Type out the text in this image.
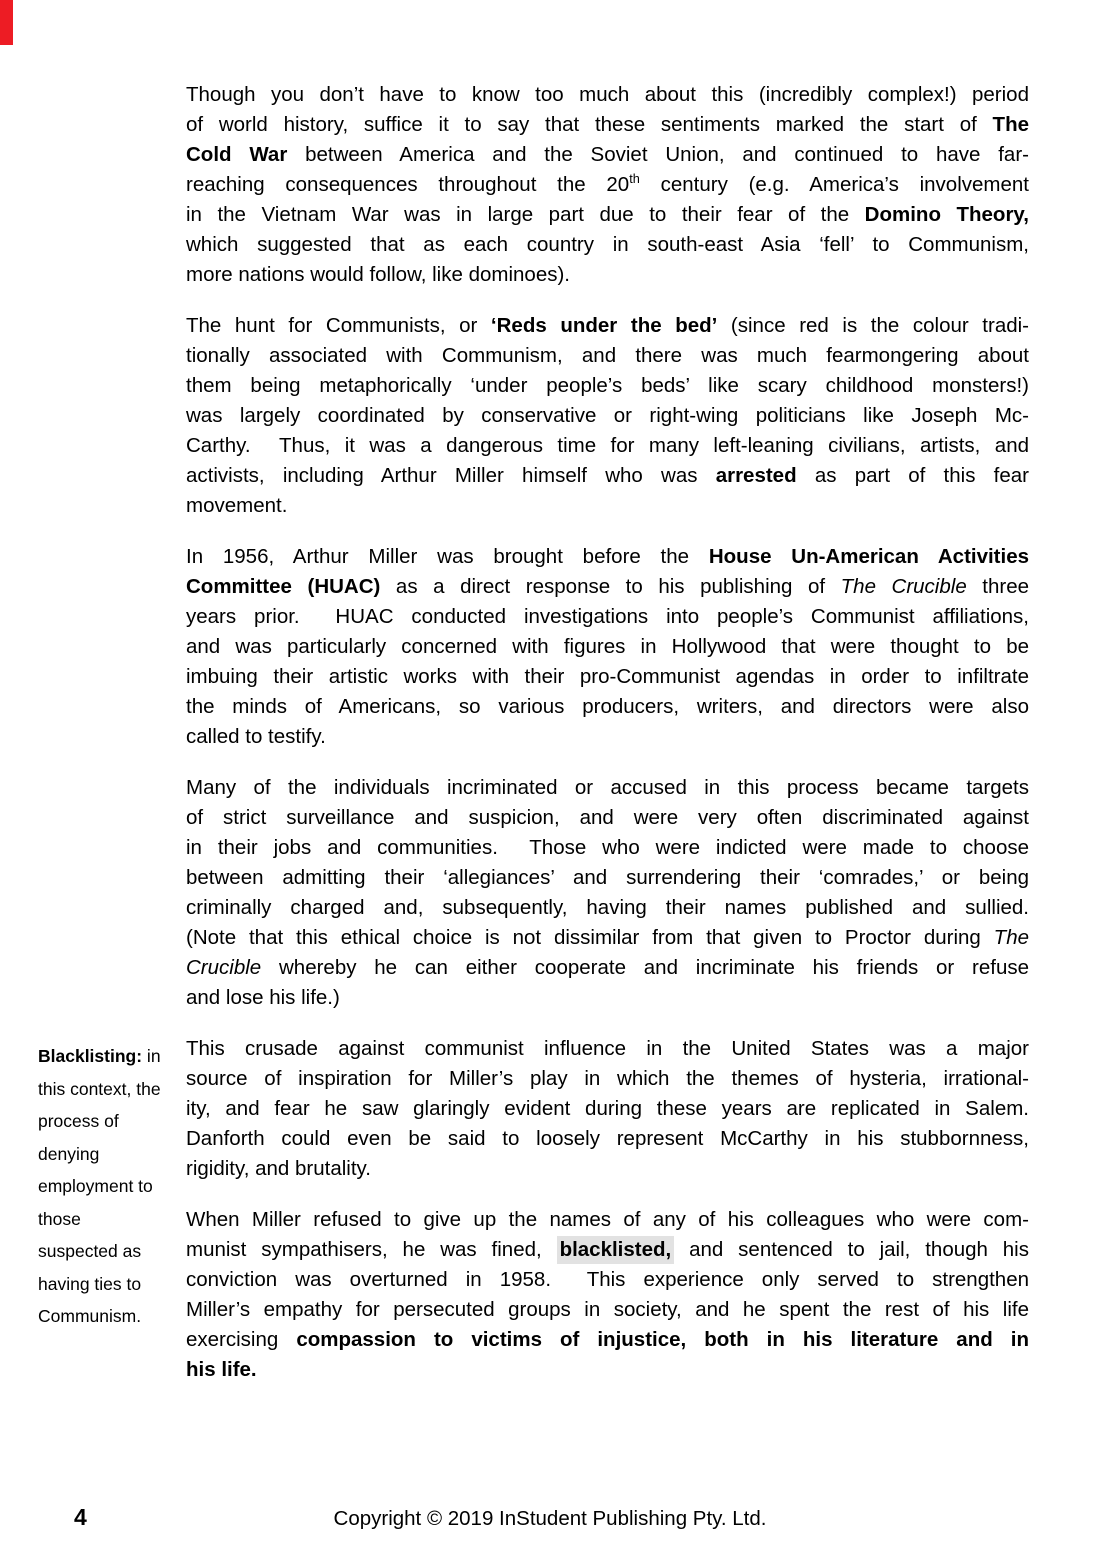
Blacklisting: in
this context, the
process of
denying
employment to
those
suspected as
having ties to
Communism.
Though you don’t have to know too much about this (incredibly complex!) period
of world history, suffice it to say that these sentiments marked the start of The
Cold War between America and the Soviet Union, and continued to have far-
reaching consequences throughout the 20th century (e.g. America’s involvement
in the Vietnam War was in large part due to their fear of the Domino Theory,
which suggested that as each country in south-east Asia ‘fell’ to Communism,
more nations would follow, like dominoes).
The hunt for Communists, or ‘Reds under the bed’ (since red is the colour tradi-
tionally associated with Communism, and there was much fearmongering about
them being metaphorically ‘under people’s beds’ like scary childhood monsters!)
was largely coordinated by conservative or right-wing politicians like Joseph Mc-
Carthy.  Thus, it was a dangerous time for many left-leaning civilians, artists, and
activists, including Arthur Miller himself who was arrested as part of this fear
movement.
In 1956, Arthur Miller was brought before the House Un-American Activities
Committee (HUAC) as a direct response to his publishing of The Crucible three
years prior.  HUAC conducted investigations into people’s Communist affiliations,
and was particularly concerned with figures in Hollywood that were thought to be
imbuing their artistic works with their pro-Communist agendas in order to infiltrate
the minds of Americans, so various producers, writers, and directors were also
called to testify.
Many of the individuals incriminated or accused in this process became targets
of strict surveillance and suspicion, and were very often discriminated against
in their jobs and communities.  Those who were indicted were made to choose
between admitting their ‘allegiances’ and surrendering their ‘comrades,’ or being
criminally charged and, subsequently, having their names published and sullied.
(Note that this ethical choice is not dissimilar from that given to Proctor during The
Crucible whereby he can either cooperate and incriminate his friends or refuse
and lose his life.)
This crusade against communist influence in the United States was a major
source of inspiration for Miller’s play in which the themes of hysteria, irrational-
ity, and fear he saw glaringly evident during these years are replicated in Salem.
Danforth could even be said to loosely represent McCarthy in his stubbornness,
rigidity, and brutality.
When Miller refused to give up the names of any of his colleagues who were com-
munist sympathisers, he was fined, blacklisted, and sentenced to jail, though his
conviction was overturned in 1958.  This experience only served to strengthen
Miller’s empathy for persecuted groups in society, and he spent the rest of his life
exercising compassion to victims of injustice, both in his literature and in
his life.
4	Copyright © 2019 InStudent Publishing Pty. Ltd.
